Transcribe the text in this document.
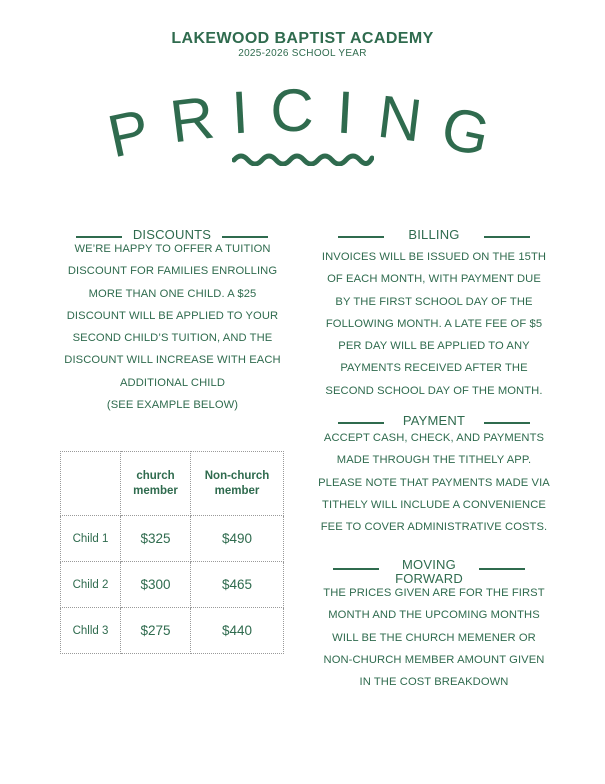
LAKEWOOD BAPTIST ACADEMY
2025-2026 SCHOOL YEAR
P R I C I N G
DISCOUNTS
WE’RE HAPPY TO OFFER A TUITION
DISCOUNT FOR FAMILIES ENROLLING
MORE THAN ONE CHILD. A $25
DISCOUNT WILL BE APPLIED TO YOUR
SECOND CHILD’S TUITION, AND THE
DISCOUNT WILL INCREASE WITH EACH
ADDITIONAL CHILD
(SEE EXAMPLE BELOW)
	church member	Non-church member
Child 1	$325	$490
Child 2	$300	$465
Chlld 3	$275	$440
BILLING
INVOICES WILL BE ISSUED ON THE 15TH
OF EACH MONTH, WITH PAYMENT DUE
BY THE FIRST SCHOOL DAY OF THE
FOLLOWING MONTH. A LATE FEE OF $5
PER DAY WILL BE APPLIED TO ANY
PAYMENTS RECEIVED AFTER THE
SECOND SCHOOL DAY OF THE MONTH.
PAYMENT
ACCEPT CASH, CHECK, AND PAYMENTS
MADE THROUGH THE TITHELY APP.
PLEASE NOTE THAT PAYMENTS MADE VIA
TITHELY WILL INCLUDE A CONVENIENCE
FEE TO COVER ADMINISTRATIVE COSTS.
MOVING
FORWARD
THE PRICES GIVEN ARE FOR THE FIRST
MONTH AND THE UPCOMING MONTHS
WILL BE THE CHURCH MEMENER OR
NON-CHURCH MEMBER AMOUNT GIVEN
IN THE COST BREAKDOWN
